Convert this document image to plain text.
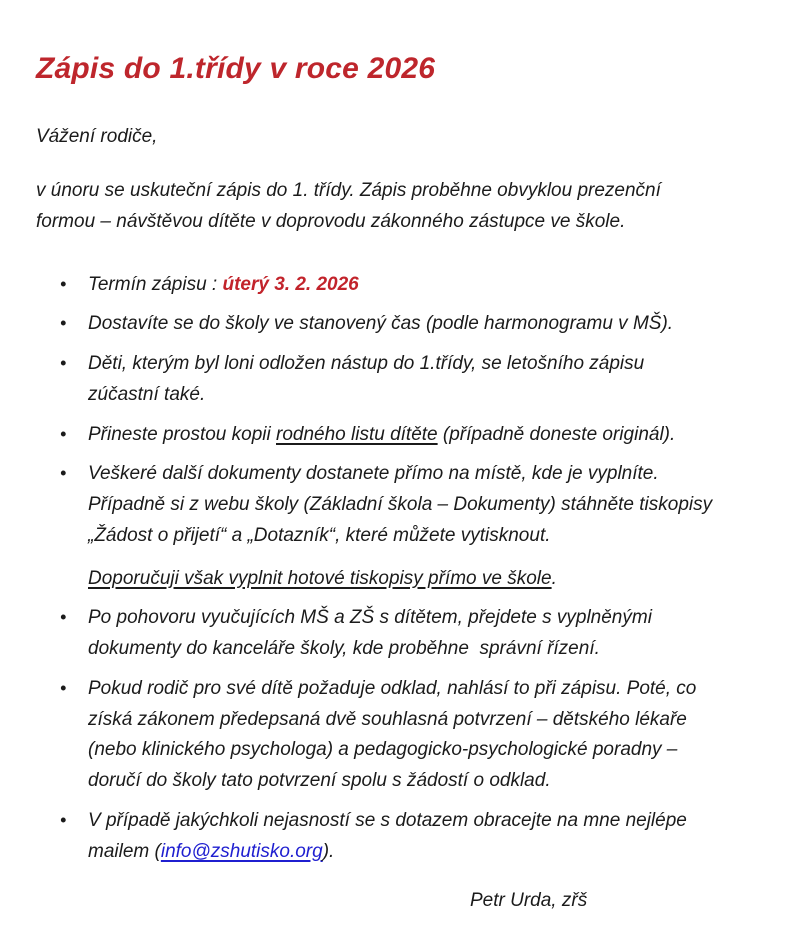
Zápis do 1.třídy v roce 2026

Vážení rodiče,

v únoru se uskuteční zápis do 1. třídy. Zápis proběhne obvyklou prezenční formou – návštěvou dítěte v doprovodu zákonného zástupce ve škole.

• Termín zápisu : úterý 3. 2. 2026
• Dostavíte se do školy ve stanovený čas (podle harmonogramu v MŠ).
• Děti, kterým byl loni odložen nástup do 1.třídy, se letošního zápisu zúčastní také.
• Přineste prostou kopii rodného listu dítěte (případně doneste originál).

• Veškeré další dokumenty dostanete přímo na místě, kde je vyplníte. Případně si z webu školy (Základní škola – Dokumenty) stáhněte tiskopisy „Žádost o přijetí“ a „Dotazník“, které můžete vytisknout.

Doporučuji však vyplnit hotové tiskopisy přímo ve škole.

• Po pohovoru vyučujících MŠ a ZŠ s dítětem, přejdete s vyplněnými dokumenty do kanceláře školy, kde proběhne  správní řízení.
• Pokud rodič pro své dítě požaduje odklad, nahlásí to při zápisu. Poté, co získá zákonem předepsaná dvě souhlasná potvrzení – dětského lékaře (nebo klinického psychologa) a pedagogicko-psychologické poradny – doručí do školy tato potvrzení spolu s žádostí o odklad.
• V případě jakýchkoli nejasností se s dotazem obracejte na mne nejlépe mailem (info@zshutisko.org).

Petr Urda, zřš
